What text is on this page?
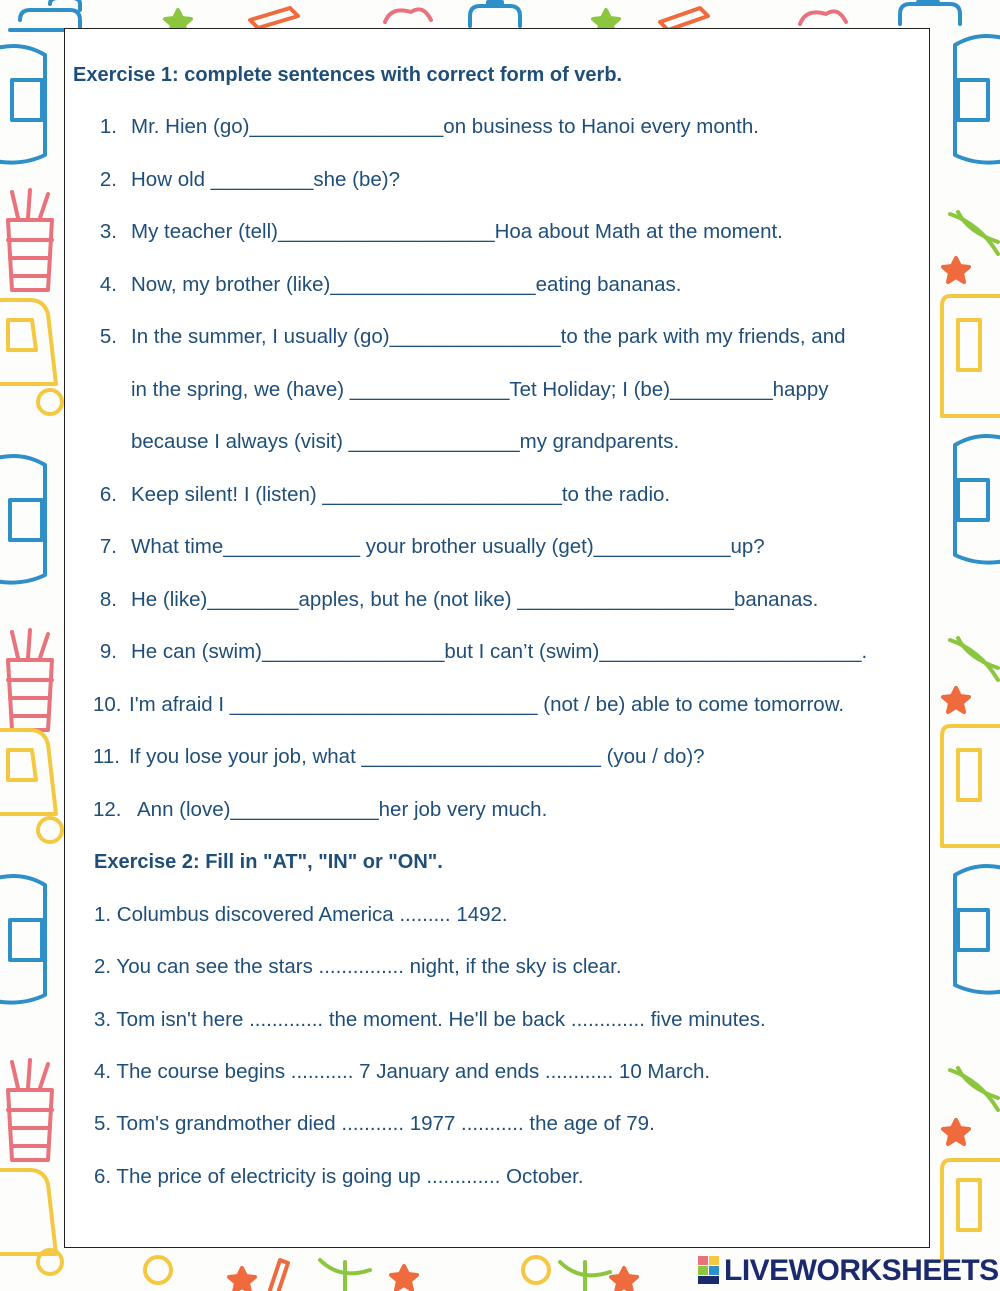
Exercise 1: complete sentences with correct form of verb.
1. Mr. Hien (go)_________________on business to Hanoi every month.
2. How old _________she (be)?
3. My teacher (tell)___________________Hoa about Math at the moment.
4. Now, my brother (like)__________________eating bananas.
5. In the summer, I usually (go)_______________to the park with my friends, and
in the spring, we (have) ______________Tet Holiday; I (be)_________happy
because I always (visit) _______________my grandparents.
6. Keep silent! I (listen) _____________________to the radio.
7. What time____________ your brother usually (get)____________up?
8. He (like)________apples, but he (not like) ___________________bananas.
9. He can (swim)________________but I can’t (swim)_______________________.
10. I'm afraid I ___________________________ (not / be) able to come tomorrow.
11. If you lose your job, what _____________________ (you / do)?
12. Ann (love)_____________her job very much.
Exercise 2: Fill in "AT", "IN" or "ON".
1. Columbus discovered America ......... 1492.
2. You can see the stars ............... night, if the sky is clear.
3. Tom isn't here ............. the moment. He'll be back ............. five minutes.
4. The course begins ........... 7 January and ends ............ 10 March.
5. Tom's grandmother died ........... 1977 ........... the age of 79.
6. The price of electricity is going up ............. October.
LIVEWORKSHEETS
